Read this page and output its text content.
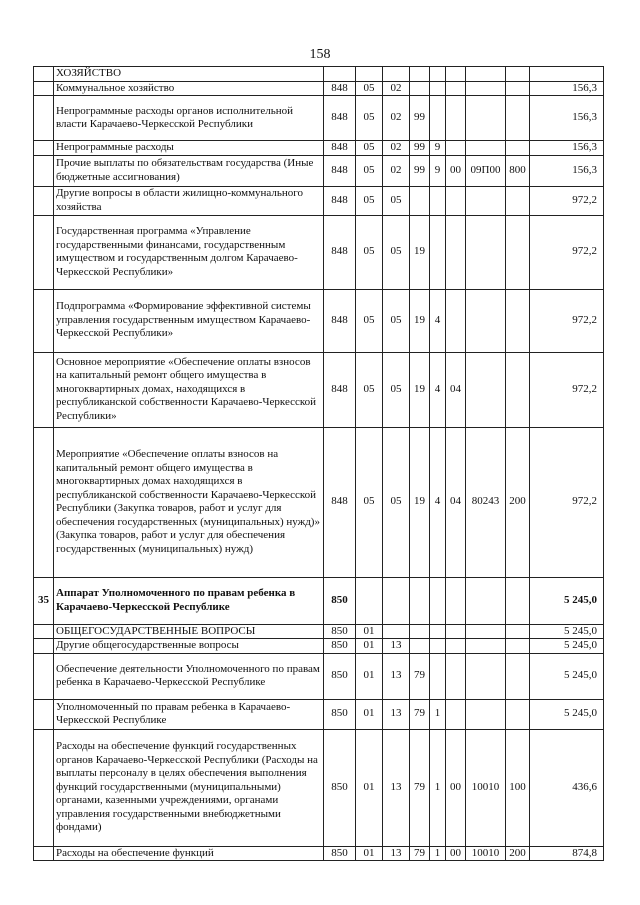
158
	ХОЗЯЙСТВО									
	Коммунальное хозяйство	848	05	02						156,3
	Непрограммные расходы органов исполнительной власти Карачаево-Черкесской Республики	848	05	02	99					156,3
	Непрограммные расходы	848	05	02	99	9				156,3
	Прочие выплаты по обязательствам государства (Иные бюджетные ассигнования)	848	05	02	99	9	00	09П00	800	156,3
	Другие вопросы в области жилищно-коммунального хозяйства	848	05	05						972,2
	Государственная программа «Управление государственными финансами, государственным имуществом и государственным долгом Карачаево-Черкесской Республики»	848	05	05	19					972,2
	Подпрограмма «Формирование эффективной системы управления государственным имуществом Карачаево-Черкесской Республики»	848	05	05	19	4				972,2
	Основное мероприятие «Обеспечение оплаты взносов на капитальный ремонт общего имущества в многоквартирных домах, находящихся в республиканской собственности Карачаево-Черкесской Республики»	848	05	05	19	4	04			972,2
	Мероприятие «Обеспечение оплаты взносов на капитальный ремонт общего имущества в многоквартирных домах находящихся в республиканской собственности Карачаево-Черкесской Республики (Закупка товаров, работ и услуг для обеспечения государственных (муниципальных) нужд)» (Закупка товаров, работ и услуг для обеспечения государственных (муниципальных) нужд)	848	05	05	19	4	04	80243	200	972,2
35	Аппарат Уполномоченного по правам ребенка в Карачаево-Черкесской Республике	850								5 245,0
	ОБЩЕГОСУДАРСТВЕННЫЕ ВОПРОСЫ	850	01							5 245,0
	Другие общегосударственные вопросы	850	01	13						5 245,0
	Обеспечение деятельности Уполномоченного по правам ребенка в Карачаево-Черкесской Республике	850	01	13	79					5 245,0
	Уполномоченный по правам ребенка в Карачаево-Черкесской Республике	850	01	13	79	1				5 245,0
	Расходы на обеспечение функций государственных органов Карачаево-Черкесской Республики (Расходы на выплаты персоналу в целях обеспечения выполнения функций государственными (муниципальными) органами, казенными учреждениями, органами управления государственными внебюджетными фондами)	850	01	13	79	1	00	10010	100	436,6
	Расходы на обеспечение функций	850	01	13	79	1	00	10010	200	874,8
